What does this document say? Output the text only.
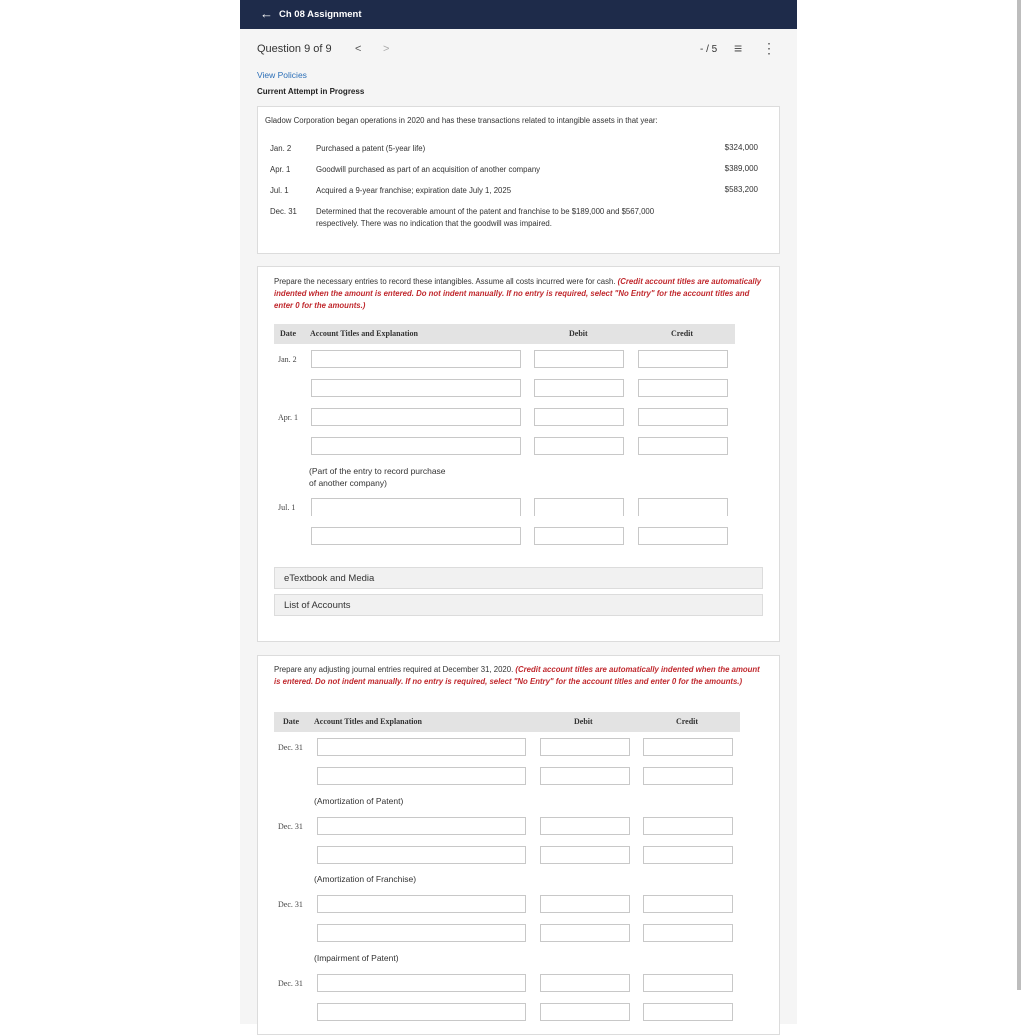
← Ch 08 Assignment
Question 9 of 9 < >	- / 5 ≡ ⋮
View Policies
Current Attempt in Progress
Gladow Corporation began operations in 2020 and has these transactions related to intangible assets in that year:
Jan. 2	Purchased a patent (5-year life)	$324,000
Apr. 1	Goodwill purchased as part of an acquisition of another company	$389,000
Jul. 1	Acquired a 9-year franchise; expiration date July 1, 2025	$583,200
Dec. 31 Determined that the recoverable amount of the patent and franchise to be $189,000 and $567,000 respectively. There was no indication that the goodwill was impaired.
Prepare the necessary entries to record these intangibles. Assume all costs incurred were for cash. (Credit account titles are automatically indented when the amount is entered. Do not indent manually. If no entry is required, select "No Entry" for the account titles and enter 0 for the amounts.)
Date Account Titles and Explanation	Debit	Credit
Jan. 2
Apr. 1
(Part of the entry to record purchase of another company)
Jul. 1
eTextbook and Media
List of Accounts
Prepare any adjusting journal entries required at December 31, 2020. (Credit account titles are automatically indented when the amount is entered. Do not indent manually. If no entry is required, select "No Entry" for the account titles and enter 0 for the amounts.)
Date Account Titles and Explanation	Debit	Credit
Dec. 31
(Amortization of Patent)
Dec. 31
(Amortization of Franchise)
Dec. 31
(Impairment of Patent)
Dec. 31
